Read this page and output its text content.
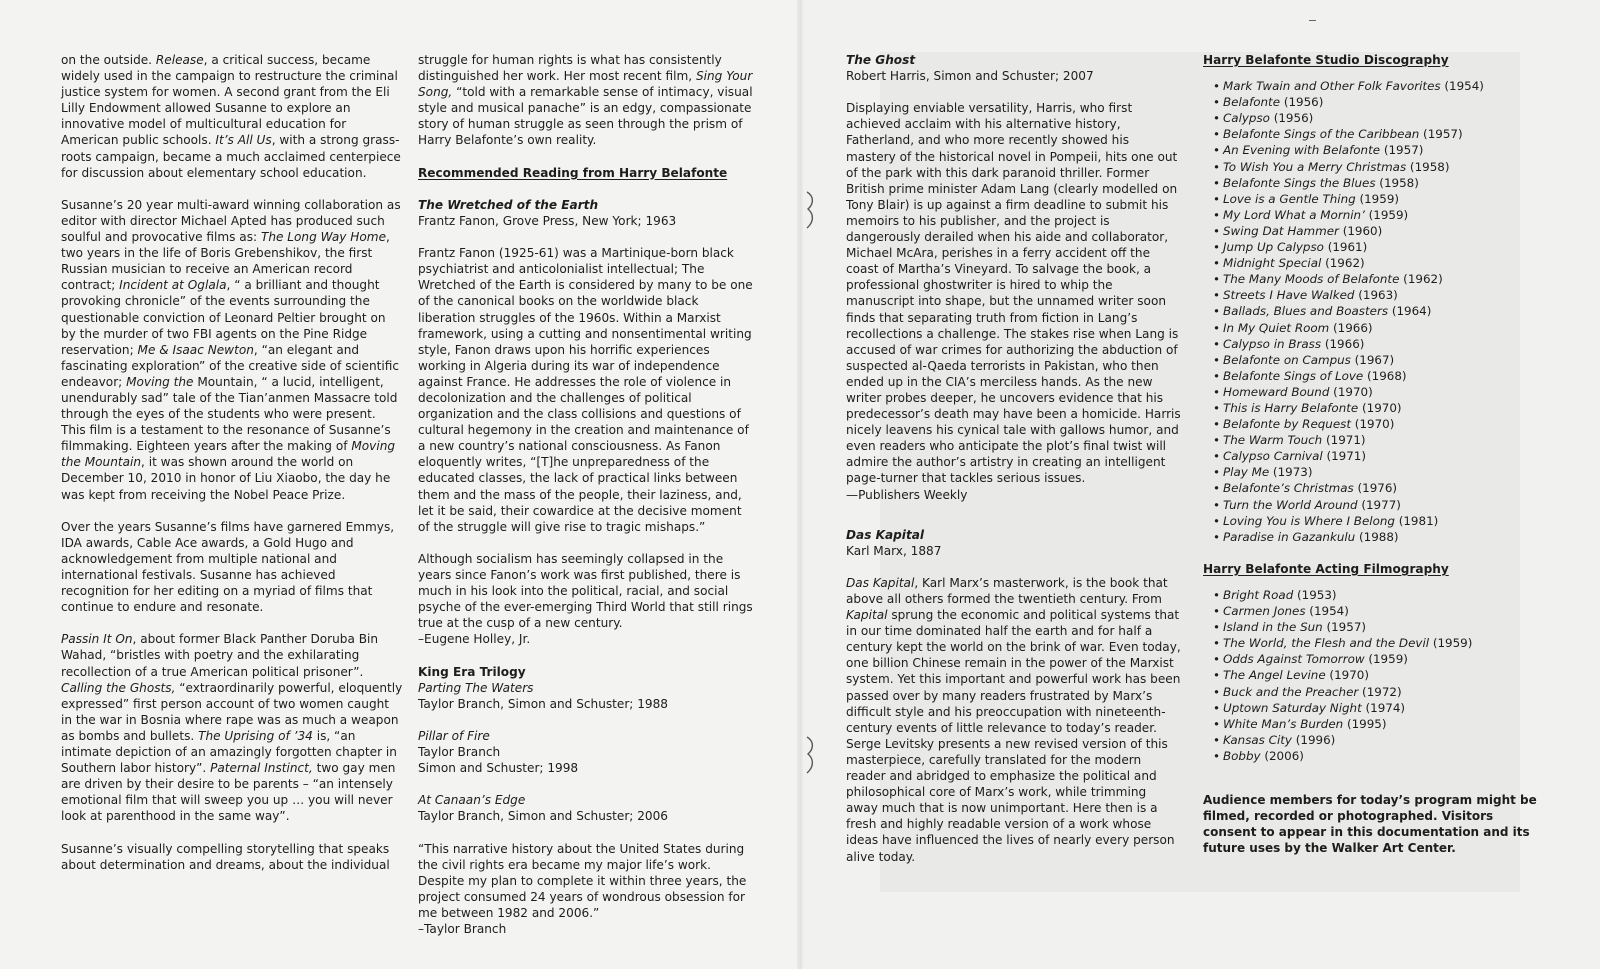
on the outside. Release, a critical success, became widely used in the campaign to restructure the criminal justice system for women. A second grant from the Eli Lilly Endowment allowed Susanne to explore an innovative model of multicultural education for American public schools. It’s All Us, with a strong grass-roots campaign, became a much acclaimed centerpiece for discussion about elementary school education.

Susanne’s 20 year multi-award winning collaboration as editor with director Michael Apted has produced such soulful and provocative films as: The Long Way Home, two years in the life of Boris Grebenshikov, the first Russian musician to receive an American record contract; Incident at Oglala, “ a brilliant and thought provoking chronicle” of the events surrounding the questionable conviction of Leonard Peltier brought on by the murder of two FBI agents on the Pine Ridge reservation; Me & Isaac Newton, “an elegant and fascinating exploration” of the creative side of scientific endeavor; Moving the Mountain, “ a lucid, intelligent, unendurably sad” tale of the Tian’anmen Massacre told through the eyes of the students who were present. This film is a testament to the resonance of Susanne’s filmmaking. Eighteen years after the making of Moving the Mountain, it was shown around the world on December 10, 2010 in honor of Liu Xiaobo, the day he was kept from receiving the Nobel Peace Prize.

Over the years Susanne’s films have garnered Emmys, IDA awards, Cable Ace awards, a Gold Hugo and acknowledgement from multiple national and international festivals. Susanne has achieved recognition for her editing on a myriad of films that continue to endure and resonate.

Passin It On, about former Black Panther Doruba Bin Wahad, “bristles with poetry and the exhilarating recollection of a true American political prisoner”. Calling the Ghosts, “extraordinarily powerful, eloquently expressed” first person account of two women caught in the war in Bosnia where rape was as much a weapon as bombs and bullets. The Uprising of ’34 is, “an intimate depiction of an amazingly forgotten chapter in Southern labor history”. Paternal Instinct, two gay men are driven by their desire to be parents – “an intensely emotional film that will sweep you up … you will never look at parenthood in the same way”.

Susanne’s visually compelling storytelling that speaks about determination and dreams, about the individual

struggle for human rights is what has consistently distinguished her work. Her most recent film, Sing Your Song, “told with a remarkable sense of intimacy, visual style and musical panache” is an edgy, compassionate story of human struggle as seen through the prism of Harry Belafonte’s own reality.

Recommended Reading from Harry Belafonte
The Wretched of the Earth
Frantz Fanon, Grove Press, New York; 1963

Frantz Fanon (1925-61) was a Martinique-born black psychiatrist and anticolonialist intellectual; The Wretched of the Earth is considered by many to be one of the canonical books on the worldwide black liberation struggles of the 1960s. Within a Marxist framework, using a cutting and nonsentimental writing style, Fanon draws upon his horrific experiences working in Algeria during its war of independence against France. He addresses the role of violence in decolonization and the challenges of political organization and the class collisions and questions of cultural hegemony in the creation and maintenance of a new country’s national consciousness. As Fanon eloquently writes, “[T]he unpreparedness of the educated classes, the lack of practical links between them and the mass of the people, their laziness, and, let it be said, their cowardice at the decisive moment of the struggle will give rise to tragic mishaps.”

Although socialism has seemingly collapsed in the years since Fanon’s work was first published, there is much in his look into the political, racial, and social psyche of the ever-emerging Third World that still rings true at the cusp of a new century.
–Eugene Holley, Jr.

King Era Trilogy
Parting The Waters
Taylor Branch, Simon and Schuster; 1988
Pillar of Fire
Taylor Branch
Simon and Schuster; 1998
At Canaan’s Edge
Taylor Branch, Simon and Schuster; 2006

“This narrative history about the United States during the civil rights era became my major life’s work. Despite my plan to complete it within three years, the project consumed 24 years of wondrous obsession for me between 1982 and 2006.”
–Taylor Branch

The Ghost
Robert Harris, Simon and Schuster; 2007

Displaying enviable versatility, Harris, who first achieved acclaim with his alternative history, Fatherland, and who more recently showed his mastery of the historical novel in Pompeii, hits one out of the park with this dark paranoid thriller. Former British prime minister Adam Lang (clearly modelled on Tony Blair) is up against a firm deadline to submit his memoirs to his publisher, and the project is dangerously derailed when his aide and collaborator, Michael McAra, perishes in a ferry accident off the coast of Martha’s Vineyard. To salvage the book, a professional ghostwriter is hired to whip the manuscript into shape, but the unnamed writer soon finds that separating truth from fiction in Lang’s recollections a challenge. The stakes rise when Lang is accused of war crimes for authorizing the abduction of suspected al-Qaeda terrorists in Pakistan, who then ended up in the CIA’s merciless hands. As the new writer probes deeper, he uncovers evidence that his predecessor’s death may have been a homicide. Harris nicely leavens his cynical tale with gallows humor, and even readers who anticipate the plot’s final twist will admire the author’s artistry in creating an intelligent page-turner that tackles serious issues.
—Publishers Weekly

Das Kapital
Karl Marx, 1887

Das Kapital, Karl Marx’s masterwork, is the book that above all others formed the twentieth century. From Kapital sprung the economic and political systems that in our time dominated half the earth and for half a century kept the world on the brink of war. Even today, one billion Chinese remain in the power of the Marxist system. Yet this important and powerful work has been passed over by many readers frustrated by Marx’s difficult style and his preoccupation with nineteenth-century events of little relevance to today’s reader. Serge Levitsky presents a new revised version of this masterpiece, carefully translated for the modern reader and abridged to emphasize the political and philosophical core of Marx’s work, while trimming away much that is now unimportant. Here then is a fresh and highly readable version of a work whose ideas have influenced the lives of nearly every person alive today.

Harry Belafonte Studio Discography
• Mark Twain and Other Folk Favorites (1954)
• Belafonte (1956)
• Calypso (1956)
• Belafonte Sings of the Caribbean (1957)
• An Evening with Belafonte (1957)
• To Wish You a Merry Christmas (1958)
• Belafonte Sings the Blues (1958)
• Love is a Gentle Thing (1959)
• My Lord What a Mornin’ (1959)
• Swing Dat Hammer (1960)
• Jump Up Calypso (1961)
• Midnight Special (1962)
• The Many Moods of Belafonte (1962)
• Streets I Have Walked (1963)
• Ballads, Blues and Boasters (1964)
• In My Quiet Room (1966)
• Calypso in Brass (1966)
• Belafonte on Campus (1967)
• Belafonte Sings of Love (1968)
• Homeward Bound (1970)
• This is Harry Belafonte (1970)
• Belafonte by Request (1970)
• The Warm Touch (1971)
• Calypso Carnival (1971)
• Play Me (1973)
• Belafonte’s Christmas (1976)
• Turn the World Around (1977)
• Loving You is Where I Belong (1981)
• Paradise in Gazankulu (1988)
Harry Belafonte Acting Filmography
• Bright Road (1953)
• Carmen Jones (1954)
• Island in the Sun (1957)
• The World, the Flesh and the Devil (1959)
• Odds Against Tomorrow (1959)
• The Angel Levine (1970)
• Buck and the Preacher (1972)
• Uptown Saturday Night (1974)
• White Man’s Burden (1995)
• Kansas City (1996)
• Bobby (2006)
Audience members for today’s program might be filmed, recorded or photographed. Visitors consent to appear in this documentation and its future uses by the Walker Art Center.
